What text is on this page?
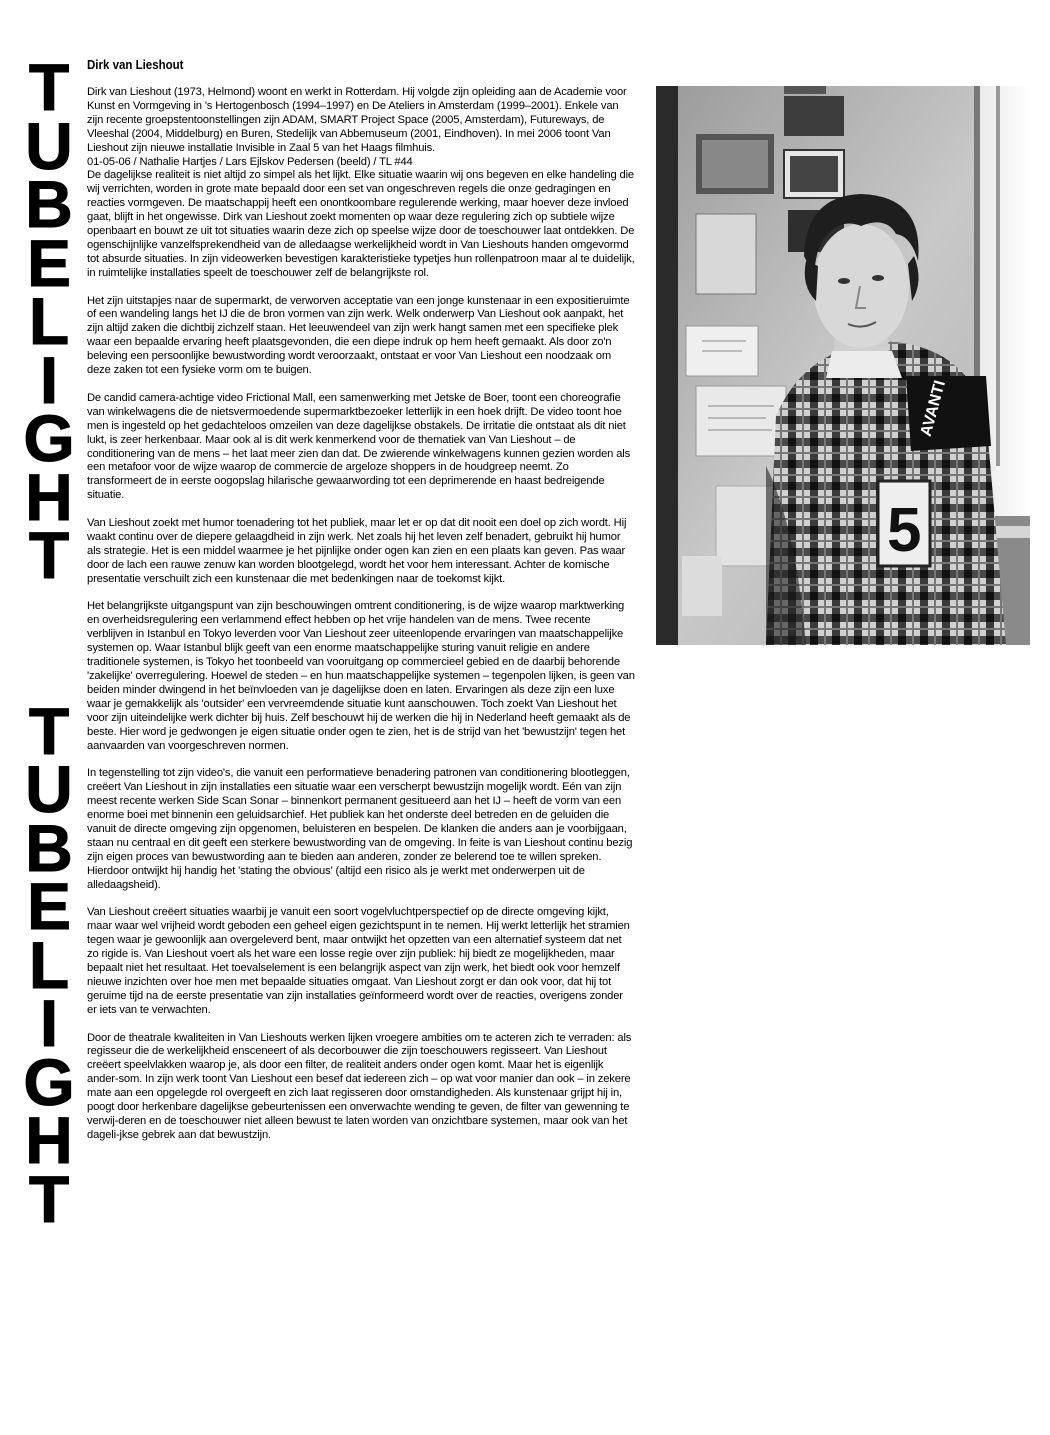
T
U
B
E
L
I
G
H
T
T
U
B
E
L
I
G
H
T
Dirk van Lieshout

Dirk van Lieshout (1973, Helmond) woont en werkt in Rotterdam. Hij volgde zijn opleiding aan de Academie voor Kunst en Vormgeving in 's Hertogenbosch (1994–1997) en De Ateliers in Amsterdam (1999–2001). Enkele van zijn recente groepstentoonstellingen zijn ADAM, SMART Project Space (2005, Amsterdam), Futureways, de Vleeshal (2004, Middelburg) en Buren, Stedelijk van Abbemuseum (2001, Eindhoven). In mei 2006 toont Van Lieshout zijn nieuwe installatie Invisible in Zaal 5 van het Haags filmhuis.

01-05-06 / Nathalie Hartjes / Lars Ejlskov Pedersen (beeld) / TL #44

De dagelijkse realiteit is niet altijd zo simpel als het lijkt. Elke situatie waarin wij ons begeven en elke handeling die wij verrichten, worden in grote mate bepaald door een set van ongeschreven regels die onze gedragingen en reacties vormgeven. De maatschappij heeft een onontkoombare regulerende werking, maar hoever deze invloed gaat, blijft in het ongewisse. Dirk van Lieshout zoekt momenten op waar deze regulering zich op subtiele wijze openbaart en bouwt ze uit tot situaties waarin deze zich op speelse wijze door de toeschouwer laat ontdekken. De ogenschijnlijke vanzelfsprekendheid van de alledaagse werkelijkheid wordt in Van Lieshouts handen omgevormd tot absurde situaties. In zijn videowerken bevestigen karakteristieke typetjes hun rollenpatroon maar al te duidelijk, in ruimtelijke installaties speelt de toeschouwer zelf de belangrijkste rol.

Het zijn uitstapjes naar de supermarkt, de verworven acceptatie van een jonge kunstenaar in een expositieruimte of een wandeling langs het IJ die de bron vormen van zijn werk. Welk onderwerp Van Lieshout ook aanpakt, het zijn altijd zaken die dichtbij zichzelf staan. Het leeuwendeel van zijn werk hangt samen met een specifieke plek waar een bepaalde ervaring heeft plaatsgevonden, die een diepe indruk op hem heeft gemaakt. Als door zo'n beleving een persoonlijke bewustwording wordt veroorzaakt, ontstaat er voor Van Lieshout een noodzaak om deze zaken tot een fysieke vorm om te buigen.

De candid camera-achtige video Frictional Mall, een samenwerking met Jetske de Boer, toont een choreografie van winkelwagens die de nietsvermoedende supermarktbezoeker letterlijk in een hoek drijft. De video toont hoe men is ingesteld op het gedachteloos omzeilen van deze dagelijkse obstakels. De irritatie die ontstaat als dit niet lukt, is zeer herkenbaar. Maar ook al is dit werk kenmerkend voor de thematiek van Van Lieshout – de conditionering van de mens – het laat meer zien dan dat. De zwierende winkelwagens kunnen gezien worden als een metafoor voor de wijze waarop de commercie de argeloze shoppers in de houdgreep neemt. Zo transformeert de in eerste oogopslag hilarische gewaarwording tot een deprimerende en haast bedreigende situatie.

Van Lieshout zoekt met humor toenadering tot het publiek, maar let er op dat dit nooit een doel op zich wordt. Hij waakt continu over de diepere gelaagdheid in zijn werk. Net zoals hij het leven zelf benadert, gebruikt hij humor als strategie. Het is een middel waarmee je het pijnlijke onder ogen kan zien en een plaats kan geven. Pas waar door de lach een rauwe zenuw kan worden blootgelegd, wordt het voor hem interessant. Achter de komische presentatie verschuilt zich een kunstenaar die met bedenkingen naar de toekomst kijkt.

Het belangrijkste uitgangspunt van zijn beschouwingen omtrent conditionering, is de wijze waarop marktwerking en overheidsregulering een verlammend effect hebben op het vrije handelen van de mens. Twee recente verblijven in Istanbul en Tokyo leverden voor Van Lieshout zeer uiteenlopende ervaringen van maatschappelijke systemen op. Waar Istanbul blijk geeft van een enorme maatschappelijke sturing vanuit religie en andere traditionele systemen, is Tokyo het toonbeeld van vooruitgang op commercieel gebied en de daarbij behorende 'zakelijke' overregulering. Hoewel de steden – en hun maatschappelijke systemen – tegenpolen lijken, is geen van beiden minder dwingend in het beïnvloeden van je dagelijkse doen en laten. Ervaringen als deze zijn een luxe waar je gemakkelijk als 'outsider' een vervreemdende situatie kunt aanschouwen. Toch zoekt Van Lieshout het voor zijn uiteindelijke werk dichter bij huis. Zelf beschouwt hij de werken die hij in Nederland heeft gemaakt als de beste. Hier word je gedwongen je eigen situatie onder ogen te zien, het is de strijd van het 'bewustzijn' tegen het aanvaarden van voorgeschreven normen.

In tegenstelling tot zijn video's, die vanuit een performatieve benadering patronen van conditionering blootleggen, creëert Van Lieshout in zijn installaties een situatie waar een verscherpt bewustzijn mogelijk wordt. Eén van zijn meest recente werken Side Scan Sonar – binnenkort permanent gesitueerd aan het IJ – heeft de vorm van een enorme boei met binnenin een geluidsarchief. Het publiek kan het onderste deel betreden en de geluiden die vanuit de directe omgeving zijn opgenomen, beluisteren en bespelen. De klanken die anders aan je voorbijgaan, staan nu centraal en dit geeft een sterkere bewustwording van de omgeving. In feite is van Lieshout continu bezig zijn eigen proces van bewustwording aan te bieden aan anderen, zonder ze belerend toe te willen spreken. Hierdoor ontwijkt hij handig het 'stating the obvious' (altijd een risico als je werkt met onderwerpen uit de alledaagsheid).

Van Lieshout creëert situaties waarbij je vanuit een soort vogelvluchtperspectief op de directe omgeving kijkt, maar waar wel vrijheid wordt geboden een geheel eigen gezichtspunt in te nemen. Hij werkt letterlijk het stramien tegen waar je gewoonlijk aan overgeleverd bent, maar ontwijkt het opzetten van een alternatief systeem dat net zo rigide is. Van Lieshout voert als het ware een losse regie over zijn publiek: hij biedt ze mogelijkheden, maar bepaalt niet het resultaat. Het toevalselement is een belangrijk aspect van zijn werk, het biedt ook voor hemzelf nieuwe inzichten over hoe men met bepaalde situaties omgaat. Van Lieshout zorgt er dan ook voor, dat hij tot geruime tijd na de eerste presentatie van zijn installaties geïnformeerd wordt over de reacties, overigens zonder er iets van te verwachten.

Door de theatrale kwaliteiten in Van Lieshouts werken lijken vroegere ambities om te acteren zich te verraden: als regisseur die de werkelijkheid ensceneert of als decorbouwer die zijn toeschouwers regisseert. Van Lieshout creëert speelvlakken waarop je, als door een filter, de realiteit anders onder ogen komt. Maar het is eigenlijk ander-som. In zijn werk toont Van Lieshout een besef dat iedereen zich – op wat voor manier dan ook – in zekere mate aan een opgelegde rol overgeeft en zich laat regisseren door omstandigheden. Als kunstenaar grijpt hij in, poogt door herkenbare dagelijkse gebeurtenissen een onverwachte wending te geven, de filter van gewenning te verwij-deren en de toeschouwer niet alleen bewust te laten worden van onzichtbare systemen, maar ook van het dageli-jkse gebrek aan dat bewustzijn.

AVANTI
5
